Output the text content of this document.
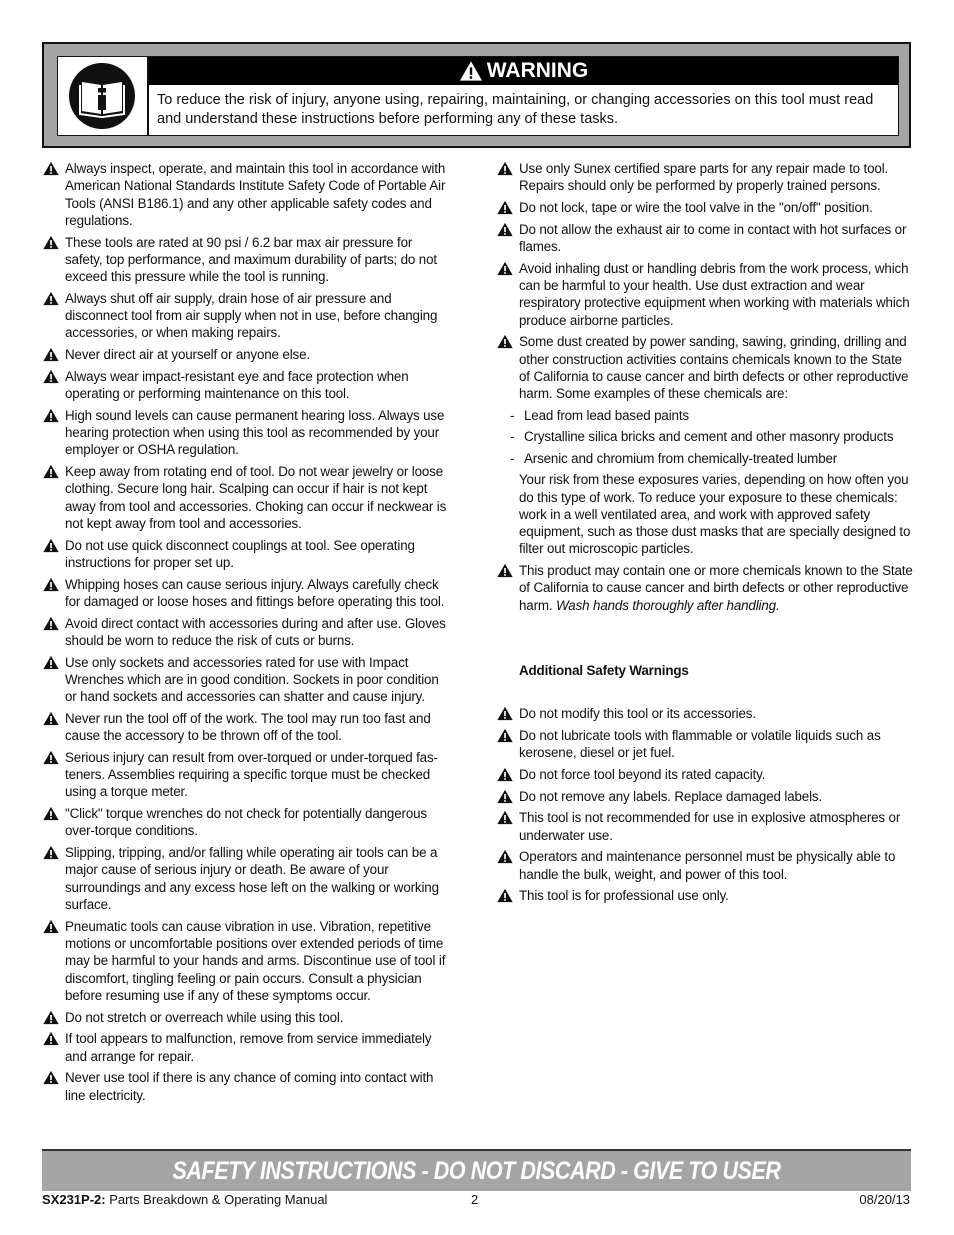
WARNING
To reduce the risk of injury, anyone using, repairing, maintaining, or changing accessories on this tool must read and understand these instructions before performing any of these tasks.
Always inspect, operate, and maintain this tool in accordance with American National Standards Institute Safety Code of Portable Air Tools (ANSI B186.1) and any other applicable safety codes and regulations.
These tools are rated at 90 psi / 6.2 bar max air pressure for safety, top performance, and maximum durability of parts; do not exceed this pressure while the tool is running.
Always shut off air supply, drain hose of air pressure and disconnect tool from air supply when not in use, before changing accessories, or when making repairs.
Never direct air at yourself or anyone else.
Always wear impact-resistant eye and face protection when operating or performing maintenance on this tool.
High sound levels can cause permanent hearing loss. Always use hearing protection when using this tool as recommended by your employer or OSHA regulation.
Keep away from rotating end of tool. Do not wear jewelry or loose clothing. Secure long hair. Scalping can occur if hair is not kept away from tool and accessories. Choking can occur if neckwear is not kept away from tool and accessories.
Do not use quick disconnect couplings at tool. See operating instructions for proper set up.
Whipping hoses can cause serious injury. Always carefully check for damaged or loose hoses and fittings before operating this tool.
Avoid direct contact with accessories during and after use. Gloves should be worn to reduce the risk of cuts or burns.
Use only sockets and accessories rated for use with Impact Wrenches which are in good condition. Sockets in poor condition or hand sockets and accessories can shatter and cause injury.
Never run the tool off of the work. The tool may run too fast and cause the accessory to be thrown off of the tool.
Serious injury can result from over-torqued or under-torqued fas-teners. Assemblies requiring a specific torque must be checked using a torque meter.
"Click" torque wrenches do not check for potentially dangerous over-torque conditions.
Slipping, tripping, and/or falling while operating air tools can be a major cause of serious injury or death. Be aware of your surroundings and any excess hose left on the walking or working surface.
Pneumatic tools can cause vibration in use. Vibration, repetitive motions or uncomfortable positions over extended periods of time may be harmful to your hands and arms. Discontinue use of tool if discomfort, tingling feeling or pain occurs. Consult a physician before resuming use if any of these symptoms occur.
Do not stretch or overreach while using this tool.
If tool appears to malfunction, remove from service immediately and arrange for repair.
Never use tool if there is any chance of coming into contact with line electricity.
Use only Sunex certified spare parts for any repair made to tool. Repairs should only be performed by properly trained persons.
Do not lock, tape or wire the tool valve in the "on/off" position.
Do not allow the exhaust air to come in contact with hot surfaces or flames.
Avoid inhaling dust or handling debris from the work process, which can be harmful to your health. Use dust extraction and wear respiratory protective equipment when working with materials which produce airborne particles.
Some dust created by power sanding, sawing, grinding, drilling and other construction activities contains chemicals known to the State of California to cause cancer and birth defects or other reproductive harm. Some examples of these chemicals are:
- Lead from lead based paints
- Crystalline silica bricks and cement and other masonry products
- Arsenic and chromium from chemically-treated lumber
Your risk from these exposures varies, depending on how often you do this type of work. To reduce your exposure to these chemicals: work in a well ventilated area, and work with approved safety equipment, such as those dust masks that are specially designed to filter out microscopic particles.
This product may contain one or more chemicals known to the State of California to cause cancer and birth defects or other reproductive harm. Wash hands thoroughly after handling.
Additional Safety Warnings
Do not modify this tool or its accessories.
Do not lubricate tools with flammable or volatile liquids such as kerosene, diesel or jet fuel.
Do not force tool beyond its rated capacity.
Do not remove any labels. Replace damaged labels.
This tool is not recommended for use in explosive atmospheres or underwater use.
Operators and maintenance personnel must be physically able to handle the bulk, weight, and power of this tool.
This tool is for professional use only.
SAFETY INSTRUCTIONS - DO NOT DISCARD - GIVE TO USER
SX231P-2: Parts Breakdown & Operating Manual	2	08/20/13
